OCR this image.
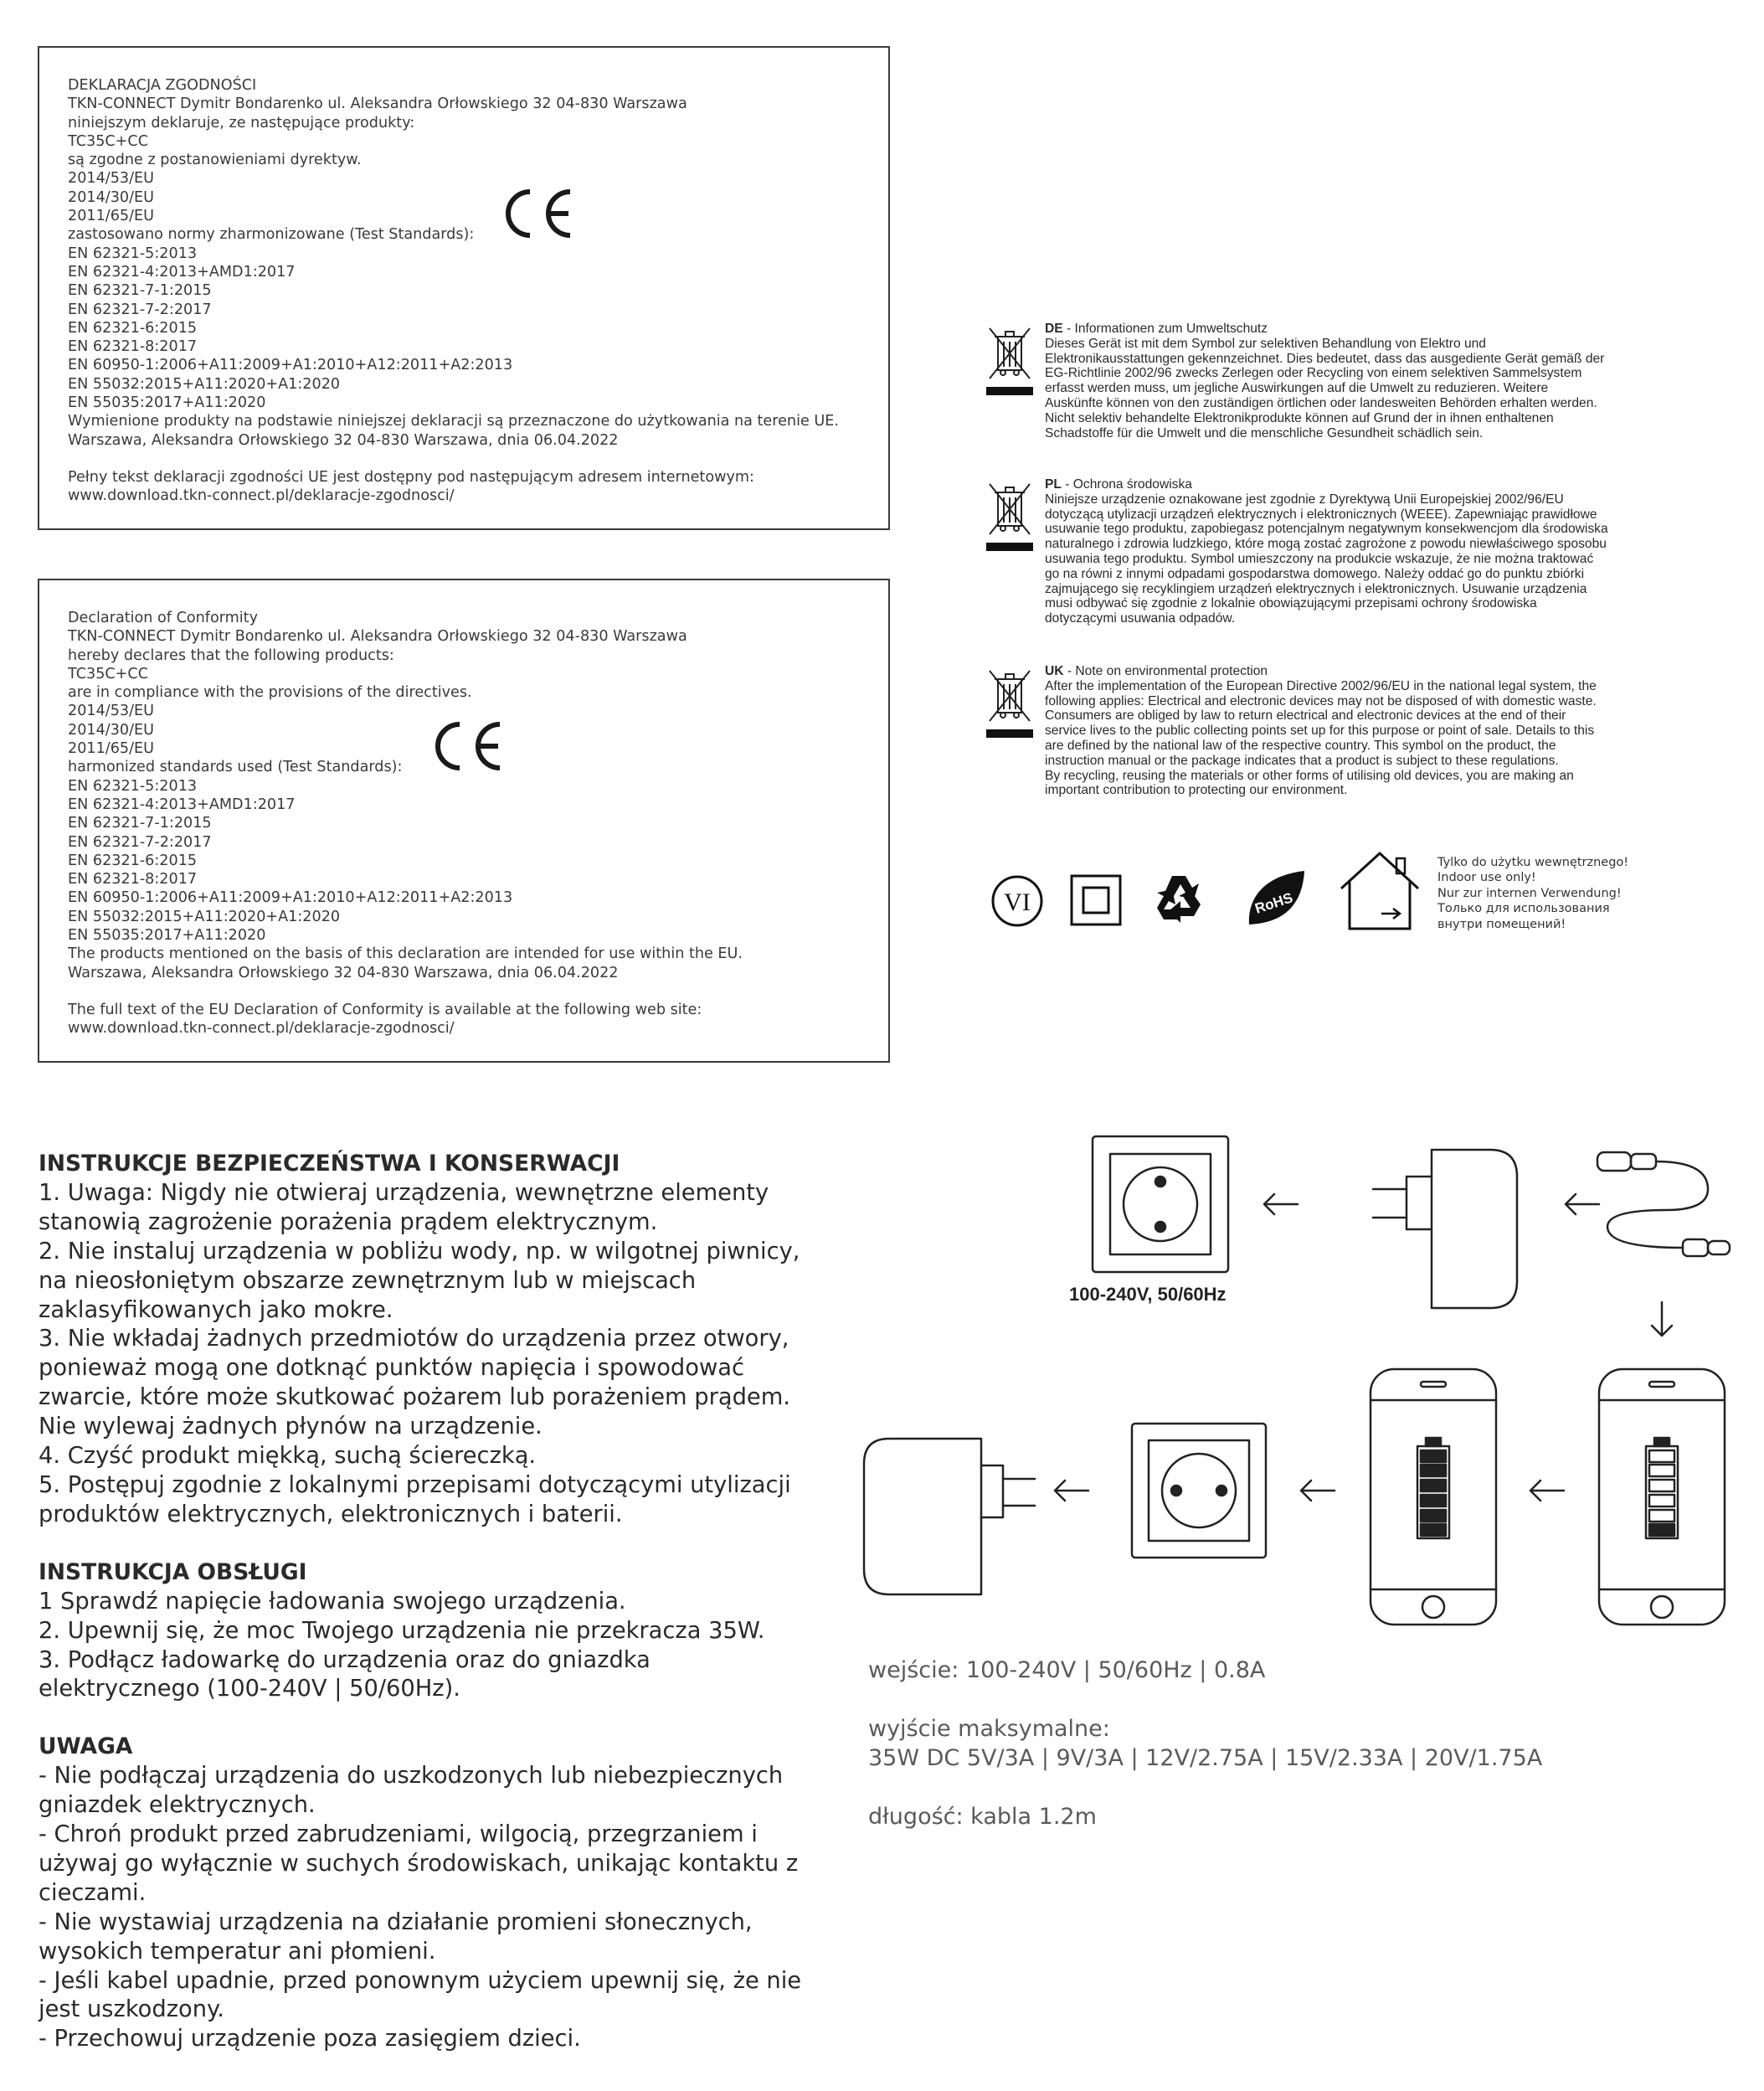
DEKLARACJA ZGODNOŚCI
TKN-CONNECT Dymitr Bondarenko ul. Aleksandra Orłowskiego 32 04-830 Warszawa
niniejszym deklaruje, ze następujące produkty:
TC35C+CC
są zgodne z postanowieniami dyrektyw.
2014/53/EU
2014/30/EU
2011/65/EU
zastosowano normy zharmonizowane (Test Standards):
EN 62321-5:2013
EN 62321-4:2013+AMD1:2017
EN 62321-7-1:2015
EN 62321-7-2:2017
EN 62321-6:2015
EN 62321-8:2017
EN 60950-1:2006+A11:2009+A1:2010+A12:2011+A2:2013
EN 55032:2015+A11:2020+A1:2020
EN 55035:2017+A11:2020
Wymienione produkty na podstawie niniejszej deklaracji są przeznaczone do użytkowania na terenie UE.
Warszawa, Aleksandra Orłowskiego 32 04-830 Warszawa, dnia 06.04.2022
Pełny tekst deklaracji zgodności UE jest dostępny pod następującym adresem internetowym:
www.download.tkn-connect.pl/deklaracje-zgodnosci/
Declaration of Conformity
TKN-CONNECT Dymitr Bondarenko ul. Aleksandra Orłowskiego 32 04-830 Warszawa
hereby declares that the following products:
TC35C+CC
are in compliance with the provisions of the directives.
2014/53/EU
2014/30/EU
2011/65/EU
harmonized standards used (Test Standards):
EN 62321-5:2013
EN 62321-4:2013+AMD1:2017
EN 62321-7-1:2015
EN 62321-7-2:2017
EN 62321-6:2015
EN 62321-8:2017
EN 60950-1:2006+A11:2009+A1:2010+A12:2011+A2:2013
EN 55032:2015+A11:2020+A1:2020
EN 55035:2017+A11:2020
The products mentioned on the basis of this declaration are intended for use within the EU.
Warszawa, Aleksandra Orłowskiego 32 04-830 Warszawa, dnia 06.04.2022
The full text of the EU Declaration of Conformity is available at the following web site:
www.download.tkn-connect.pl/deklaracje-zgodnosci/
DE - Informationen zum Umweltschutz
Dieses Gerät ist mit dem Symbol zur selektiven Behandlung von Elektro und
Elektronikausstattungen gekennzeichnet. Dies bedeutet, dass das ausgediente Gerät gemäß der
EG-Richtlinie 2002/96 zwecks Zerlegen oder Recycling von einem selektiven Sammelsystem
erfasst werden muss, um jegliche Auswirkungen auf die Umwelt zu reduzieren. Weitere
Auskünfte können von den zuständigen örtlichen oder landesweiten Behörden erhalten werden.
Nicht selektiv behandelte Elektronikprodukte können auf Grund der in ihnen enthaltenen
Schadstoffe für die Umwelt und die menschliche Gesundheit schädlich sein.
PL - Ochrona środowiska
Niniejsze urządzenie oznakowane jest zgodnie z Dyrektywą Unii Europejskiej 2002/96/EU
dotyczącą utylizacji urządzeń elektrycznych i elektronicznych (WEEE). Zapewniając prawidłowe
usuwanie tego produktu, zapobiegasz potencjalnym negatywnym konsekwencjom dla środowiska
naturalnego i zdrowia ludzkiego, które mogą zostać zagrożone z powodu niewłaściwego sposobu
usuwania tego produktu. Symbol umieszczony na produkcie wskazuje, że nie można traktować
go na równi z innymi odpadami gospodarstwa domowego. Należy oddać go do punktu zbiórki
zajmującego się recyklingiem urządzeń elektrycznych i elektronicznych. Usuwanie urządzenia
musi odbywać się zgodnie z lokalnie obowiązującymi przepisami ochrony środowiska
dotyczącymi usuwania odpadów.
UK - Note on environmental protection
After the implementation of the European Directive 2002/96/EU in the national legal system, the
following applies: Electrical and electronic devices may not be disposed of with domestic waste.
Consumers are obliged by law to return electrical and electronic devices at the end of their
service lives to the public collecting points set up for this purpose or point of sale. Details to this
are defined by the national law of the respective country. This symbol on the product, the
instruction manual or the package indicates that a product is subject to these regulations.
By recycling, reusing the materials or other forms of utilising old devices, you are making an
important contribution to protecting our environment.
VI	RoHS
Tylko do użytku wewnętrznego!
Indoor use only!
Nur zur internen Verwendung!
Только для использования
внутри помещений!
INSTRUKCJE BEZPIECZEŃSTWA I KONSERWACJI
1. Uwaga: Nigdy nie otwieraj urządzenia, wewnętrzne elementy
stanowią zagrożenie porażenia prądem elektrycznym.
2. Nie instaluj urządzenia w pobliżu wody, np. w wilgotnej piwnicy,
na nieosłoniętym obszarze zewnętrznym lub w miejscach
zaklasyfikowanych jako mokre.
3. Nie wkładaj żadnych przedmiotów do urządzenia przez otwory,
ponieważ mogą one dotknąć punktów napięcia i spowodować
zwarcie, które może skutkować pożarem lub porażeniem prądem.
Nie wylewaj żadnych płynów na urządzenie.
4. Czyść produkt miękką, suchą ściereczką.
5. Postępuj zgodnie z lokalnymi przepisami dotyczącymi utylizacji
produktów elektrycznych, elektronicznych i baterii.
INSTRUKCJA OBSŁUGI
1 Sprawdź napięcie ładowania swojego urządzenia.
2. Upewnij się, że moc Twojego urządzenia nie przekracza 35W.
3. Podłącz ładowarkę do urządzenia oraz do gniazdka
elektrycznego (100-240V | 50/60Hz).
UWAGA
- Nie podłączaj urządzenia do uszkodzonych lub niebezpiecznych
gniazdek elektrycznych.
- Chroń produkt przed zabrudzeniami, wilgocią, przegrzaniem i
używaj go wyłącznie w suchych środowiskach, unikając kontaktu z
cieczami.
- Nie wystawiaj urządzenia na działanie promieni słonecznych,
wysokich temperatur ani płomieni.
- Jeśli kabel upadnie, przed ponownym użyciem upewnij się, że nie
jest uszkodzony.
- Przechowuj urządzenie poza zasięgiem dzieci.
100-240V, 50/60Hz
wejście: 100-240V | 50/60Hz | 0.8A
wyjście maksymalne:
35W DC 5V/3A | 9V/3A | 12V/2.75A | 15V/2.33A | 20V/1.75A
długość: kabla 1.2m
